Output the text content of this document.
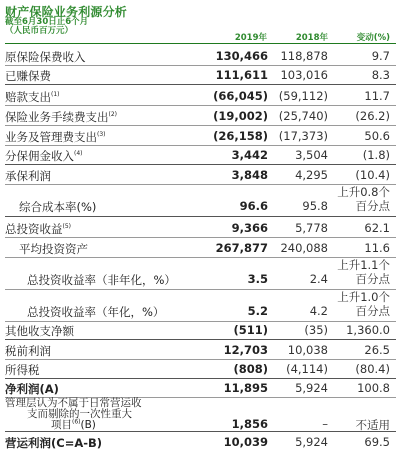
财产保险业务利源分析
截至6月30日止6个月
（人民币百万元）
2019年	2018年	变动(%)
原保险保费收入	130,466 118,878	9.7
已赚保费	111,611 103,016	8.3
赔款支出$^{(1)}$	(66,045) (59,112)	11.7
保险业务手续费支出$^{(2)}$	(19,002) (25,740) (26.2)
业务及管理费支出$^{(3)}$	(26,158) (17,373)	50.6
分保佣金收入$^{(4)}$	3,442 3,504	(1.8)
承保利润	3,848 4,295 (10.4)
综合成本率(%)	96.6	95.8
上升0.8个
百分点
总投资收益$^{(5)}$	9,366 5,778	62.1
平均投资资产	267,877 240,088	11.6
总投资收益率（非年化，%）	3.5	2.4
上升1.1个
百分点
总投资收益率（年化，%）	5.2	4.2
上升1.0个
百分点
其他收支净额	(511)	(35) 1,360.0
税前利润	12,703 10,038	26.5
所得税	(808) (4,114) (80.4)
净利润(A)	11,895 5,924	100.8
管理层认为不属于日常营运收
支而剔除的一次性重大
项目$^{(6)}$(B)	1,856	– 不适用
营运利润(C=A-B)	10,039 5,924	69.5
